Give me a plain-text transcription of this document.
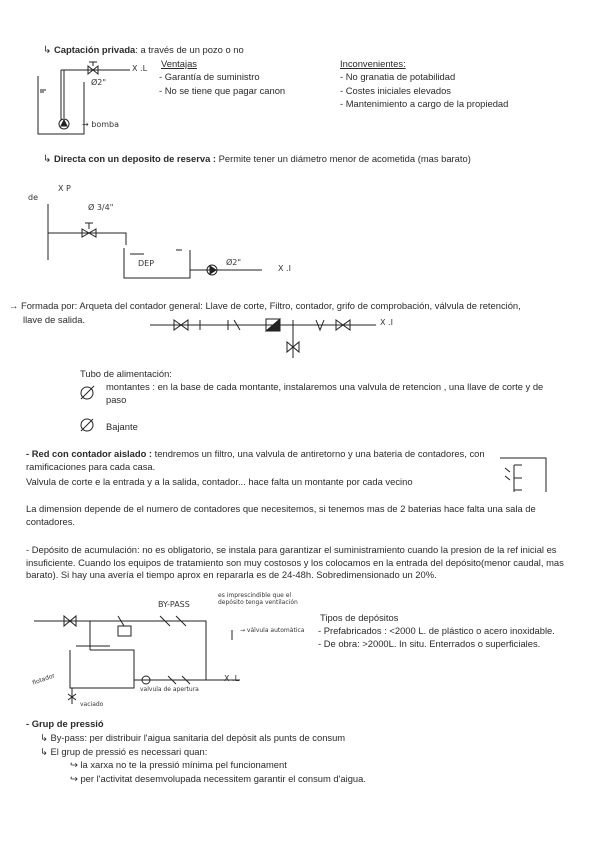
↳ Captación privada: a través de un pozo o no
Ventajas
- Garantía de suministro
- No se tiene que pagar canon
Inconvenientes:
- No granatia de potabilidad
- Costes iniciales elevados
- Mantenimiento a cargo de la propiedad
X .L
Ø2"
→ bomba
↳ Directa con un deposito de reserva : Permite tener un diámetro menor de acometida (mas barato)
de
X P
Ø 3/4"
DEP	Ø2"
X .I
→ Formada por: Arqueta del contador general: Llave de corte, Filtro, contador, grifo de comprobación, válvula de retención,
llave de salida.	X .I
Tubo de alimentación:
montantes : en la base de cada montante, instalaremos una valvula de retencion , una llave de corte y de paso
Bajante
- Red con contador aislado : tendremos un filtro, una valvula de antiretorno y una bateria de contadores, con ramificaciones para cada casa.
Valvula de corte e la entrada y a la salida, contador... hace falta un montante por cada vecino
La dimension depende de el numero de contadores que necesitemos, si tenemos mas de 2 baterias hace falta una sala de contadores.
- Depósito de acumulación: no es obligatorio, se instala para garantizar el suministramiento cuando la presion de la ref inicial es insuficiente. Cuando los equipos de tratamiento son muy costosos y los colocamos en la entrada del depósito(menor caudal, mas barato). Si hay una avería el tiempo aprox en repararla es de 24-48h. Sobredimensionado un 20%.
BY-PASS
es imprescindible que el depósito tenga ventilación
→ válvula automàtica
X .L
valvula de apertura
vaciado
flotador
Tipos de depósitos
- Prefabricados : <2000 L. de plástico o acero inoxidable.
- De obra: >2000L. In situ. Enterrados o superficiales.
- Grup de pressió
↳ By-pass: per distribuir l'aigua sanitaria del depòsit als punts de consum
↳ El grup de pressió es necessari quan:
↪ la xarxa no te la pressió mínima pel funcionament
↪ per l'activitat desemvolupada necessitem garantir el consum d'aigua.
